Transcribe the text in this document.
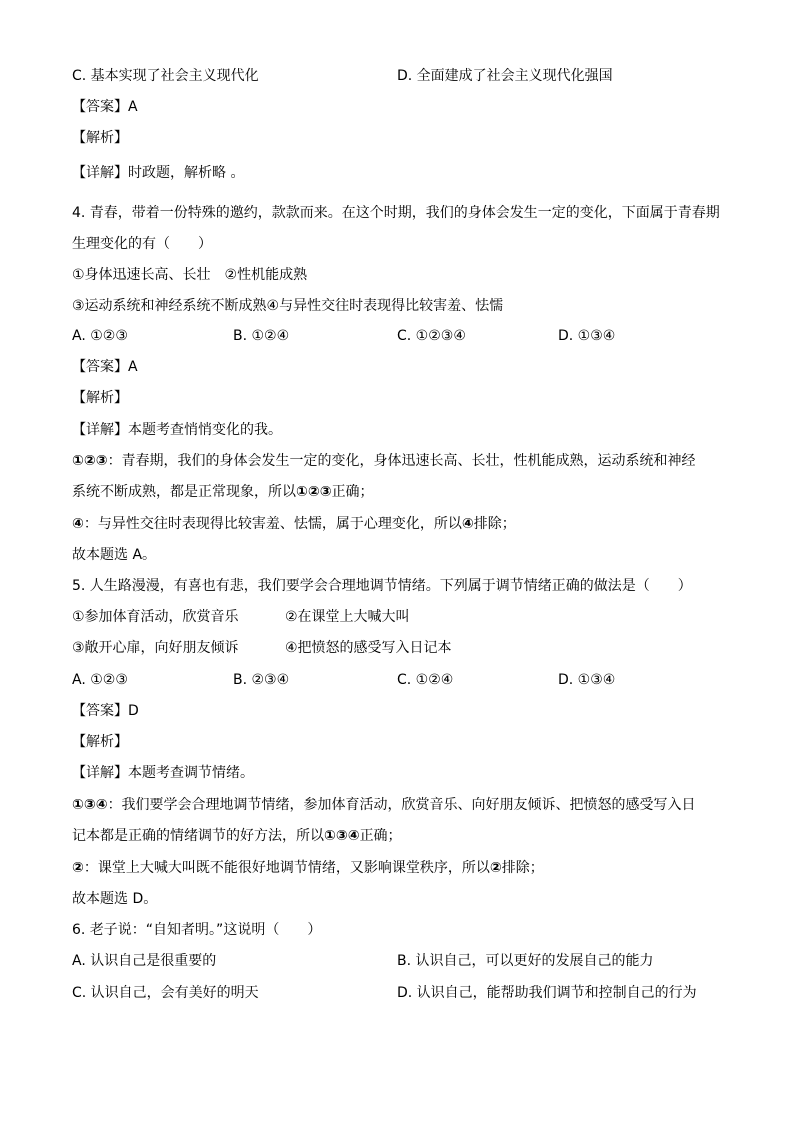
C. 基本实现了社会主义现代化	D. 全面建成了社会主义现代化强国
【答案】A
【解析】
【详解】时政题，解析略 。
4. 青春，带着一份特殊的邀约，款款而来。在这个时期，我们的身体会发生一定的变化，下面属于青春期
生理变化的有（　　）
①身体迅速长高、长壮　②性机能成熟
③运动系统和神经系统不断成熟④与异性交往时表现得比较害羞、怯懦
A. ①②③	B. ①②④	C. ①②③④	D. ①③④
【答案】A
【解析】
【详解】本题考查悄悄变化的我。
①②③：青春期，我们的身体会发生一定的变化，身体迅速长高、长壮，性机能成熟，运动系统和神经
系统不断成熟，都是正常现象，所以①②③正确；
④：与异性交往时表现得比较害羞、怯懦，属于心理变化，所以④排除；
故本题选 A。
5. 人生路漫漫，有喜也有悲，我们要学会合理地调节情绪。下列属于调节情绪正确的做法是（　　）
①参加体育活动，欣赏音乐	②在课堂上大喊大叫
③敞开心扉，向好朋友倾诉	④把愤怒的感受写入日记本
A. ①②③	B. ②③④	C. ①②④	D. ①③④
【答案】D
【解析】
【详解】本题考查调节情绪。
①③④：我们要学会合理地调节情绪，参加体育活动，欣赏音乐、向好朋友倾诉、把愤怒的感受写入日
记本都是正确的情绪调节的好方法，所以①③④正确；
②：课堂上大喊大叫既不能很好地调节情绪，又影响课堂秩序，所以②排除；
故本题选 D。
6. 老子说：“自知者明。”这说明（　　）
A. 认识自己是很重要的	B. 认识自己，可以更好的发展自己的能力
C. 认识自己，会有美好的明天	D. 认识自己，能帮助我们调节和控制自己的行为
